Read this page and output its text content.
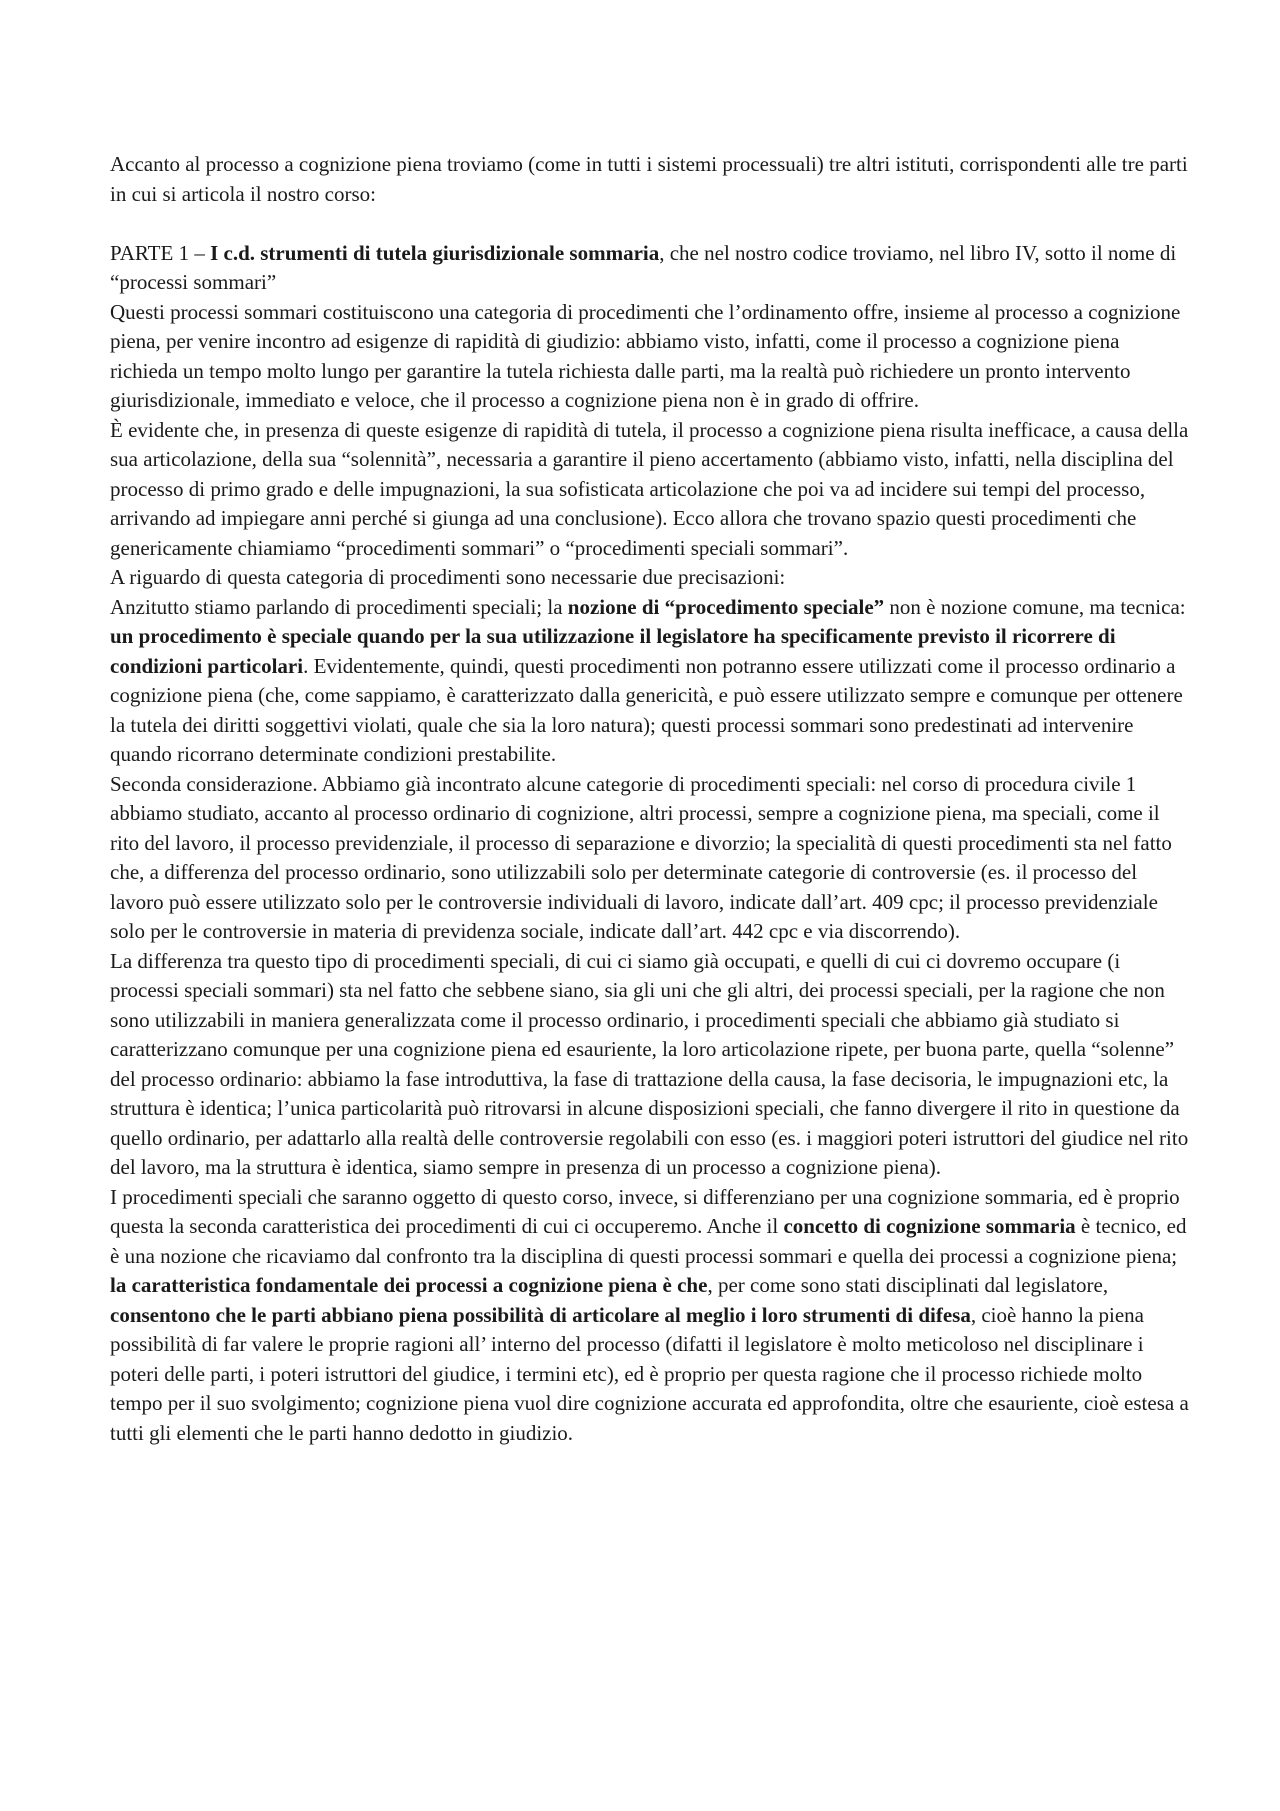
Accanto al processo a cognizione piena troviamo (come in tutti i sistemi processuali) tre altri istituti, corrispondenti alle tre parti in cui si articola il nostro corso:

PARTE 1 – I c.d. strumenti di tutela giurisdizionale sommaria, che nel nostro codice troviamo, nel libro IV, sotto il nome di “processi sommari”

Questi processi sommari costituiscono una categoria di procedimenti che l’ordinamento offre, insieme al processo a cognizione piena, per venire incontro ad esigenze di rapidità di giudizio: abbiamo visto, infatti, come il processo a cognizione piena richieda un tempo molto lungo per garantire la tutela richiesta dalle parti, ma la realtà può richiedere un pronto intervento giurisdizionale, immediato e veloce, che il processo a cognizione piena non è in grado di offrire.

È evidente che, in presenza di queste esigenze di rapidità di tutela, il processo a cognizione piena risulta inefficace, a causa della sua articolazione, della sua “solennità”, necessaria a garantire il pieno accertamento (abbiamo visto, infatti, nella disciplina del processo di primo grado e delle impugnazioni, la sua sofisticata articolazione che poi va ad incidere sui tempi del processo, arrivando ad impiegare anni perché si giunga ad una conclusione). Ecco allora che trovano spazio questi procedimenti che genericamente chiamiamo “procedimenti sommari” o “procedimenti speciali sommari”.

A riguardo di questa categoria di procedimenti sono necessarie due precisazioni:

Anzitutto stiamo parlando di procedimenti speciali; la nozione di “procedimento speciale” non è nozione comune, ma tecnica: un procedimento è speciale quando per la sua utilizzazione il legislatore ha specificamente previsto il ricorrere di condizioni particolari. Evidentemente, quindi, questi procedimenti non potranno essere utilizzati come il processo ordinario a cognizione piena (che, come sappiamo, è caratterizzato dalla genericità, e può essere utilizzato sempre e comunque per ottenere la tutela dei diritti soggettivi violati, quale che sia la loro natura); questi processi sommari sono predestinati ad intervenire quando ricorrano determinate condizioni prestabilite.

Seconda considerazione. Abbiamo già incontrato alcune categorie di procedimenti speciali: nel corso di procedura civile 1 abbiamo studiato, accanto al processo ordinario di cognizione, altri processi, sempre a cognizione piena, ma speciali, come il rito del lavoro, il processo previdenziale, il processo di separazione e divorzio; la specialità di questi procedimenti sta nel fatto che, a differenza del processo ordinario, sono utilizzabili solo per determinate categorie di controversie (es. il processo del lavoro può essere utilizzato solo per le controversie individuali di lavoro, indicate dall’art. 409 cpc; il processo previdenziale solo per le controversie in materia di previdenza sociale, indicate dall’art. 442 cpc e via discorrendo).

La differenza tra questo tipo di procedimenti speciali, di cui ci siamo già occupati, e quelli di cui ci dovremo occupare (i processi speciali sommari) sta nel fatto che sebbene siano, sia gli uni che gli altri, dei processi speciali, per la ragione che non sono utilizzabili in maniera generalizzata come il processo ordinario, i procedimenti speciali che abbiamo già studiato si caratterizzano comunque per una cognizione piena ed esauriente, la loro articolazione ripete, per buona parte, quella “solenne” del processo ordinario: abbiamo la fase introduttiva, la fase di trattazione della causa, la fase decisoria, le impugnazioni etc, la struttura è identica; l’unica particolarità può ritrovarsi in alcune disposizioni speciali, che fanno divergere il rito in questione da quello ordinario, per adattarlo alla realtà delle controversie regolabili con esso (es. i maggiori poteri istruttori del giudice nel rito del lavoro, ma la struttura è identica, siamo sempre in presenza di un processo a cognizione piena).

I procedimenti speciali che saranno oggetto di questo corso, invece, si differenziano per una cognizione sommaria, ed è proprio questa la seconda caratteristica dei procedimenti di cui ci occuperemo. Anche il concetto di cognizione sommaria è tecnico, ed è una nozione che ricaviamo dal confronto tra la disciplina di questi processi sommari e quella dei processi a cognizione piena; la caratteristica fondamentale dei processi a cognizione piena è che, per come sono stati disciplinati dal legislatore, consentono che le parti abbiano piena possibilità di articolare al meglio i loro strumenti di difesa, cioè hanno la piena possibilità di far valere le proprie ragioni all’ interno del processo (difatti il legislatore è molto meticoloso nel disciplinare i poteri delle parti, i poteri istruttori del giudice, i termini etc), ed è proprio per questa ragione che il processo richiede molto tempo per il suo svolgimento; cognizione piena vuol dire cognizione accurata ed approfondita, oltre che esauriente, cioè estesa a tutti gli elementi che le parti hanno dedotto in giudizio.
